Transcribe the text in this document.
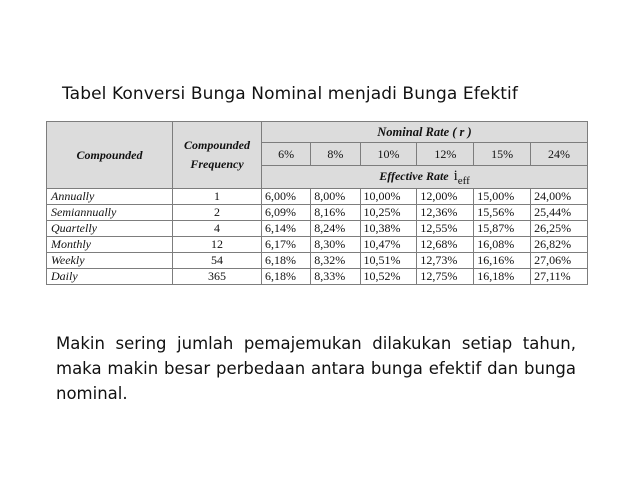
Tabel Konversi Bunga Nominal menjadi Bunga Efektif
Compounded	Compounded Frequency	Nominal Rate ( r )					
		6%	8%	10%	12%	15%	24%
		Effective Rate $i_{eff}$
Annually	1	6,00%	8,00%	10,00%	12,00%	15,00%	24,00%
Semiannually	2	6,09%	8,16%	10,25%	12,36%	15,56%	25,44%
Quartelly	4	6,14%	8,24%	10,38%	12,55%	15,87%	26,25%
Monthly	12	6,17%	8,30%	10,47%	12,68%	16,08%	26,82%
Weekly	54	6,18%	8,32%	10,51%	12,73%	16,16%	27,06%
Daily	365	6,18%	8,33%	10,52%	12,75%	16,18%	27,11%
Makin sering jumlah pemajemukan dilakukan setiap tahun, maka makin besar perbedaan antara bunga efektif dan bunga nominal.
